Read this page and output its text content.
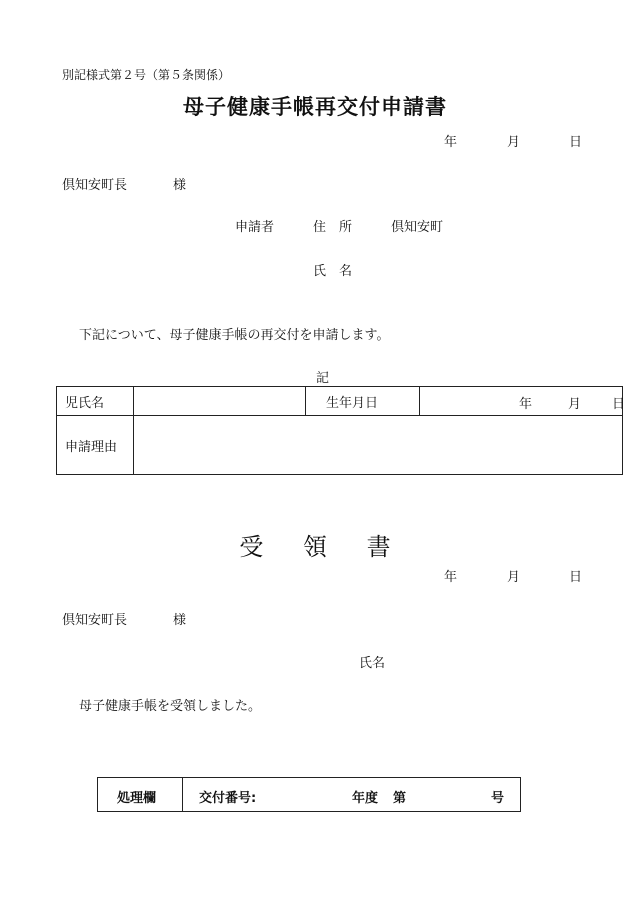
別記様式第２号（第５条関係）
母子健康手帳再交付申請書
年	月	日
倶知安町長	様
申請者	住　所	倶知安町
氏　名
下記について、母子健康手帳の再交付を申請します。
記
児氏名		生年月日	年 月 日

申請理由			
受 領 書
年	月	日
倶知安町長	様
氏名
母子健康手帳を受領しました。
処理欄	交付番号:	年度 第	号
